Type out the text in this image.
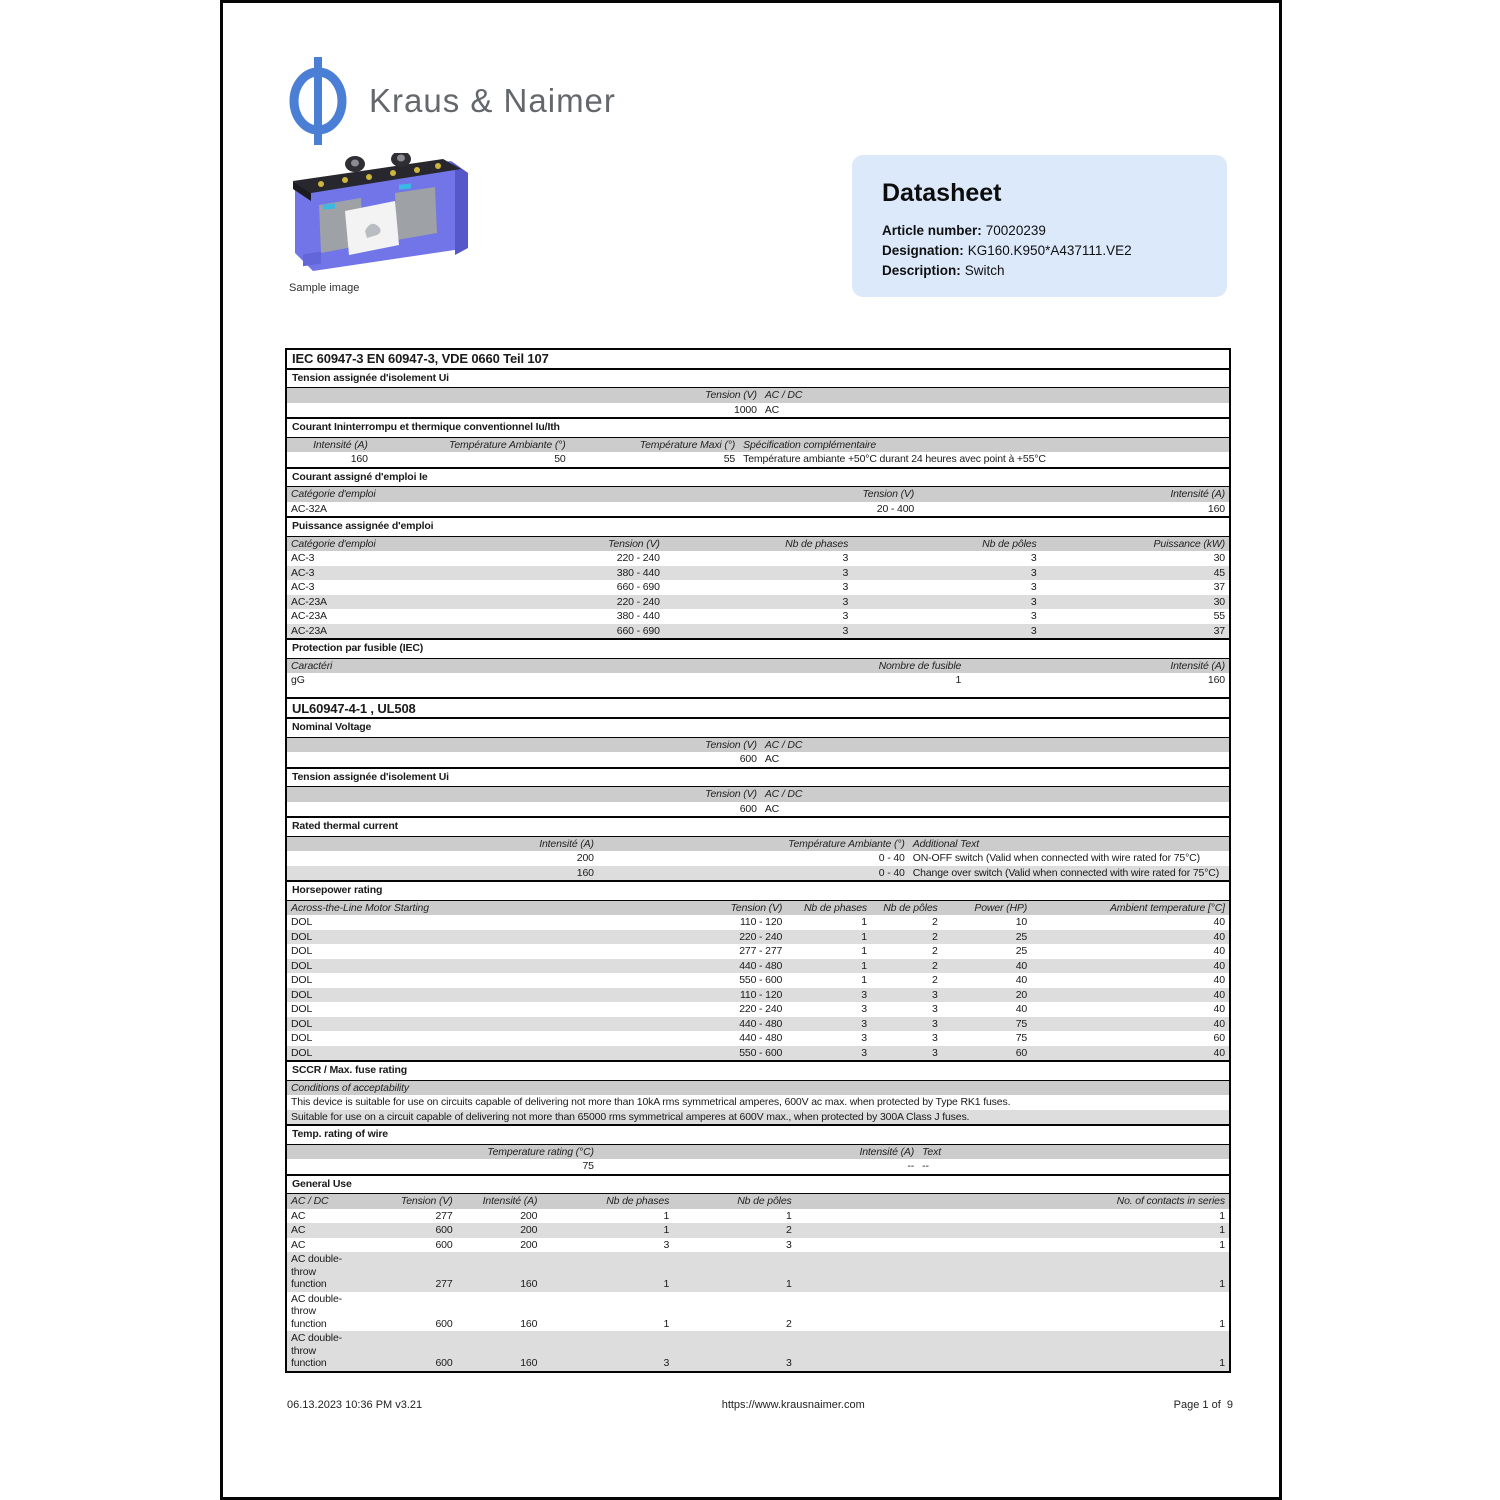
Kraus & Naimer
Sample image
Datasheet
Article number: 70020239
Designation: KG160.K950*A437111.VE2
Description: Switch
IEC 60947-3 EN 60947-3, VDE 0660 Teil 107
Tension assignée d'isolement Ui
Tension (V) AC / DC
1000 AC
Courant Ininterrompu et thermique conventionnel Iu/Ith
Intensité (A)	Température Ambiante (°)	Température Maxi (°) Spécification complémentaire
160	50	55 Température ambiante +50°C durant 24 heures avec point à +55°C
Courant assigné d'emploi Ie
Catégorie d'emploi	Tension (V)	Intensité (A)
AC-32A	20 - 400	160
Puissance assignée d'emploi
Catégorie d'emploi	Tension (V)	Nb de phases	Nb de pôles	Puissance (kW)
AC-3	220 - 240	3	3	30
AC-3	380 - 440	3	3	45
AC-3	660 - 690	3	3	37
AC-23A	220 - 240	3	3	30
AC-23A	380 - 440	3	3	55
AC-23A	660 - 690	3	3	37
Protection par fusible (IEC)
Caractéri	Nombre de fusible	Intensité (A)
gG	1	160
UL60947-4-1 , UL508
Nominal Voltage
Tension (V) AC / DC
600 AC
Tension assignée d'isolement Ui
Tension (V) AC / DC
600 AC
Rated thermal current
Intensité (A)	Température Ambiante (°) Additional Text
200	0 - 40 ON-OFF switch (Valid when connected with wire rated for 75°C)
160	0 - 40 Change over switch (Valid when connected with wire rated for 75°C)
Horsepower rating
Across-the-Line Motor Starting	Tension (V)	Nb de phases	Nb de pôles	Power (HP)	Ambient temperature [°C]
DOL	110 - 120	1	2	10	40
DOL	220 - 240	1	2	25	40
DOL	277 - 277	1	2	25	40
DOL	440 - 480	1	2	40	40
DOL	550 - 600	1	2	40	40
DOL	110 - 120	3	3	20	40
DOL	220 - 240	3	3	40	40
DOL	440 - 480	3	3	75	40
DOL	440 - 480	3	3	75	60
DOL	550 - 600	3	3	60	40
SCCR / Max. fuse rating
Conditions of acceptability
This device is suitable for use on circuits capable of delivering not more than 10kA rms symmetrical amperes, 600V ac max. when protected by Type RK1 fuses.
Suitable for use on a circuit capable of delivering not more than 65000 rms symmetrical amperes at 600V max., when protected by 300A Class J fuses.
Temp. rating of wire
Temperature rating (°C)	Intensité (A) Text
75	-- --
General Use
AC / DC	Tension (V)	Intensité (A)	Nb de phases	Nb de pôles	No. of contacts in series
AC	277	200	1	1	1
AC	600	200	1	2	1
AC	600	200	3	3	1
AC double-throw function	277	160	1	1	1
AC double-throw function	600	160	1	2	1
AC double-throw function	600	160	3	3	1
06.13.2023 10:36 PM v3.21	https://www.krausnaimer.com	Page 1 of  9
